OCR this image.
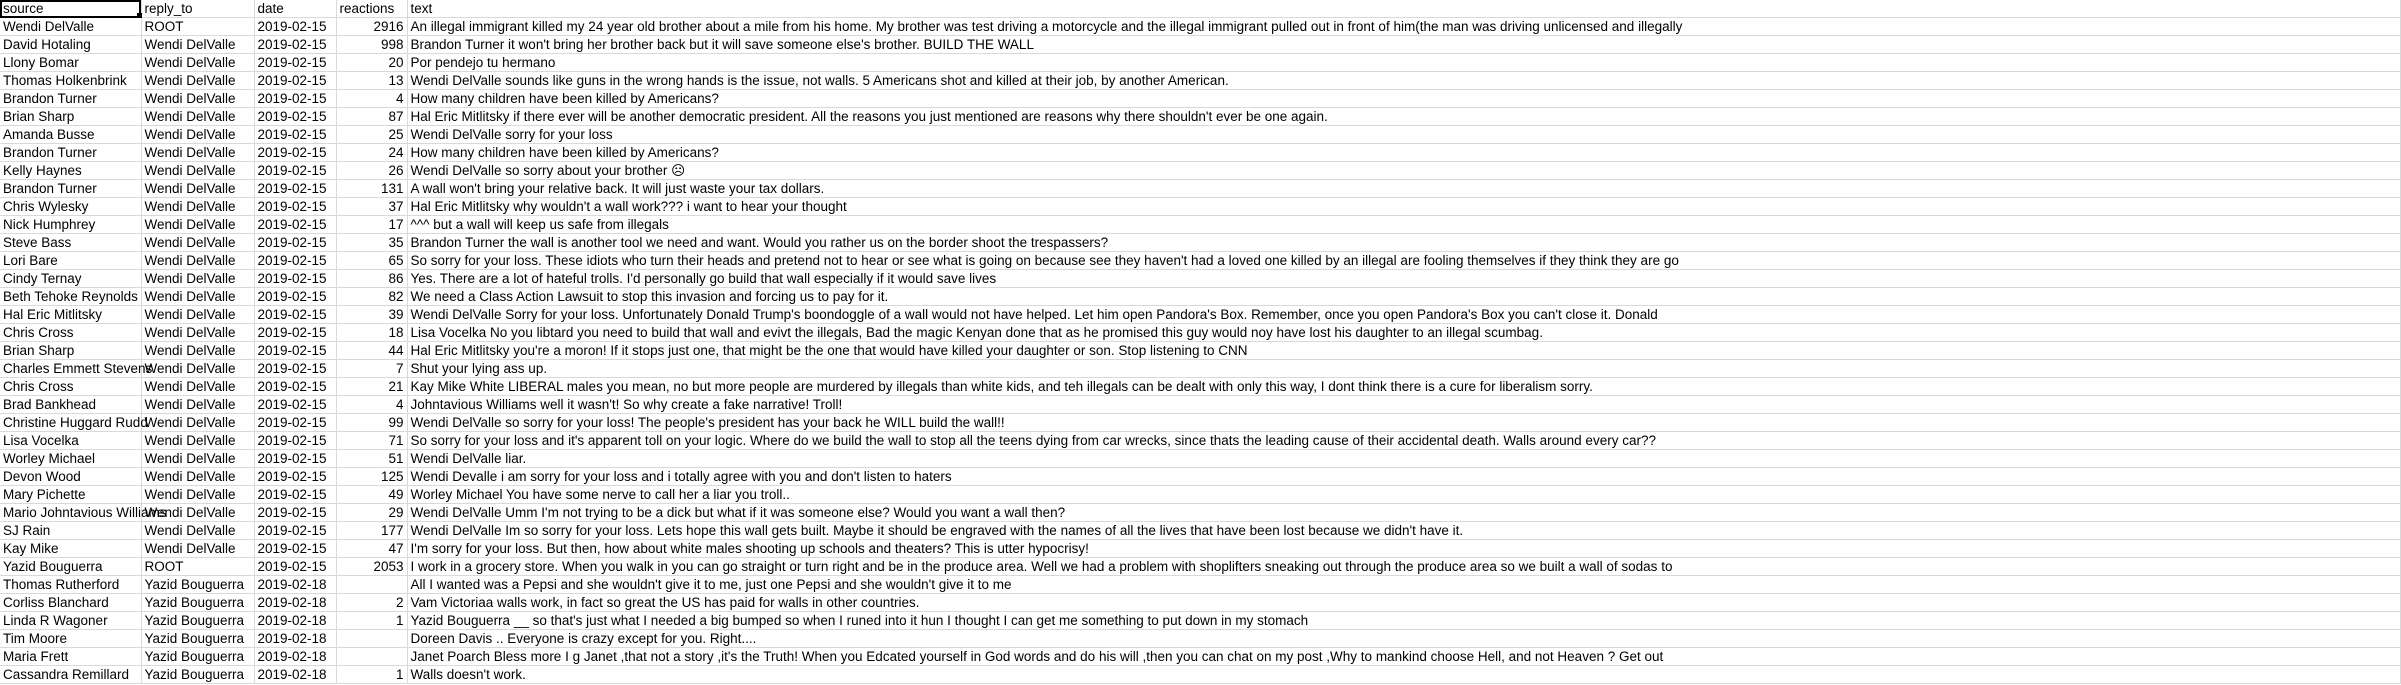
source	reply_to	date	reactions	text
Wendi DelValle	ROOT	2019-02-15	2916	An illegal immigrant killed my 24 year old brother about a mile from his home. My brother was test driving a motorcycle and the illegal immigrant pulled out in front of him(the man was driving unlicensed and illegally
David Hotaling	Wendi DelValle	2019-02-15	998	Brandon Turner it won't bring her brother back but it will save someone else's brother. BUILD THE WALL
Llony Bomar	Wendi DelValle	2019-02-15	20	Por pendejo tu hermano
Thomas Holkenbrink	Wendi DelValle	2019-02-15	13	Wendi DelValle sounds like guns in the wrong hands is the issue, not walls. 5 Americans shot and killed at their job, by another American.
Brandon Turner	Wendi DelValle	2019-02-15	4	How many children have been killed by Americans?
Brian Sharp	Wendi DelValle	2019-02-15	87	Hal Eric Mitlitsky if there ever will be another democratic president. All the reasons you just mentioned are reasons why there shouldn't ever be one again.
Amanda Busse	Wendi DelValle	2019-02-15	25	Wendi DelValle sorry for your loss
Brandon Turner	Wendi DelValle	2019-02-15	24	How many children have been killed by Americans?
Kelly Haynes	Wendi DelValle	2019-02-15	26	Wendi DelValle so sorry about your brother ☹
Brandon Turner	Wendi DelValle	2019-02-15	131	A wall won't bring your relative back. It will just waste your tax dollars.
Chris Wylesky	Wendi DelValle	2019-02-15	37	Hal Eric Mitlitsky why wouldn't a wall work??? i want to hear your thought
Nick Humphrey	Wendi DelValle	2019-02-15	17	^^^ but a wall will keep us safe from illegals
Steve Bass	Wendi DelValle	2019-02-15	35	Brandon Turner the wall is another tool we need and want. Would you rather us on the border shoot the trespassers?
Lori Bare	Wendi DelValle	2019-02-15	65	So sorry for your loss. These idiots who turn their heads and pretend not to hear or see what is going on because see they haven't had a loved one killed by an illegal are fooling themselves if they think they are go
Cindy Ternay	Wendi DelValle	2019-02-15	86	Yes. There are a lot of hateful trolls. I'd personally go build that wall especially if it would save lives
Beth Tehoke Reynolds	Wendi DelValle	2019-02-15	82	We need a Class Action Lawsuit to stop this invasion and forcing us to pay for it.
Hal Eric Mitlitsky	Wendi DelValle	2019-02-15	39	Wendi DelValle Sorry for your loss. Unfortunately Donald Trump's boondoggle of a wall would not have helped. Let him open Pandora's Box. Remember, once you open Pandora's Box you can't close it. Donald
Chris Cross	Wendi DelValle	2019-02-15	18	Lisa Vocelka No you libtard you need to build that wall and evivt the illegals, Bad the magic Kenyan done that as he promised this guy would noy have lost his daughter to an illegal scumbag.
Brian Sharp	Wendi DelValle	2019-02-15	44	Hal Eric Mitlitsky you're a moron! If it stops just one, that might be the one that would have killed your daughter or son. Stop listening to CNN
Charles Emmett Stevens	Wendi DelValle	2019-02-15	7	Shut your lying ass up.
Chris Cross	Wendi DelValle	2019-02-15	21	Kay Mike White LIBERAL males you mean, no but more people are murdered by illegals than white kids, and teh illegals can be dealt with only this way, I dont think there is a cure for liberalism sorry.
Brad Bankhead	Wendi DelValle	2019-02-15	4	Johntavious Williams well it wasn't! So why create a fake narrative! Troll!
Christine Huggard Rudd	Wendi DelValle	2019-02-15	99	Wendi DelValle so sorry for your loss! The people's president has your back he WILL build the wall!!
Lisa Vocelka	Wendi DelValle	2019-02-15	71	So sorry for your loss and it's apparent toll on your logic. Where do we build the wall to stop all the teens dying from car wrecks, since thats the leading cause of their accidental death. Walls around every car??
Worley Michael	Wendi DelValle	2019-02-15	51	Wendi DelValle liar.
Devon Wood	Wendi DelValle	2019-02-15	125	Wendi Devalle i am sorry for your loss and i totally agree with you and don't listen to haters
Mary Pichette	Wendi DelValle	2019-02-15	49	Worley Michael You have some nerve to call her a liar you troll..
Mario Johntavious Williams	Wendi DelValle	2019-02-15	29	Wendi DelValle Umm I'm not trying to be a dick but what if it was someone else? Would you want a wall then?
SJ Rain	Wendi DelValle	2019-02-15	177	Wendi DelValle Im so sorry for your loss. Lets hope this wall gets built. Maybe it should be engraved with the names of all the lives that have been lost because we didn't have it.
Kay Mike	Wendi DelValle	2019-02-15	47	I'm sorry for your loss. But then, how about white males shooting up schools and theaters? This is utter hypocrisy!
Yazid Bouguerra	ROOT	2019-02-15	2053	I work in a grocery store. When you walk in you can go straight or turn right and be in the produce area. Well we had a problem with shoplifters sneaking out through the produce area so we built a wall of sodas to
Thomas Rutherford	Yazid Bouguerra	2019-02-18		All I wanted was a Pepsi and she wouldn't give it to me, just one Pepsi and she wouldn't give it to me
Corliss Blanchard	Yazid Bouguerra	2019-02-18	2	Vam Victoriaa walls work, in fact so great the US has paid for walls in other countries.
Linda R Wagoner	Yazid Bouguerra	2019-02-18	1	Yazid Bouguerra __ so that's just what I needed a big bumped so when I runed into it hun I thought I can get me something to put down in my stomach
Tim Moore	Yazid Bouguerra	2019-02-18		Doreen Davis .. Everyone is crazy except for you. Right....
Maria Frett	Yazid Bouguerra	2019-02-18		Janet Poarch Bless more I g Janet ,that not a story ,it's the Truth! When you Edcated yourself in God words and do his will ,then you can chat on my post ,Why to mankind choose Hell, and not Heaven ? Get out
Cassandra Remillard	Yazid Bouguerra	2019-02-18	1	Walls doesn't work.
